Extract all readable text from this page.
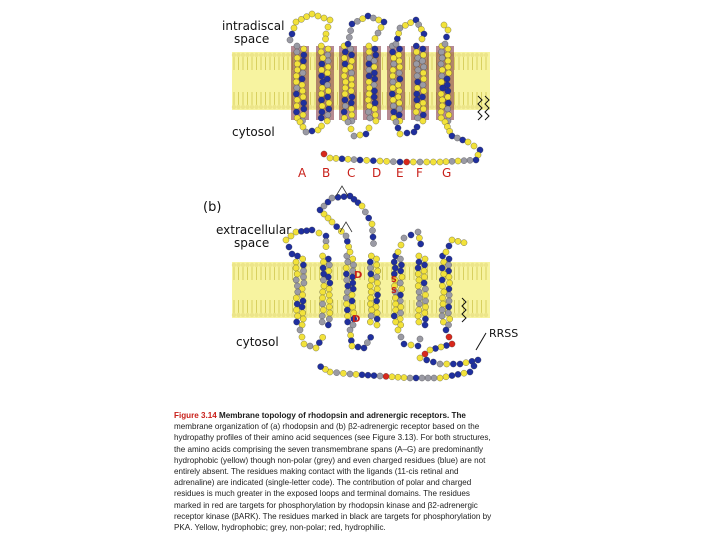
intradiscal
space
cytosol
A B C D E F G
(b)
extracellular
space
cytosol
RRSS
D
D
S
S
Figure 3.14 Membrane topology of rhodopsin and adrenergic receptors. The
membrane organization of (a) rhodopsin and (b) β2-adrenergic receptor based on the
hydropathy profiles of their amino acid sequences (see Figure 3.13). For both structures,
the amino acids comprising the seven transmembrane spans (A–G) are predominantly
hydrophobic (yellow) though non-polar (grey) and even charged residues (blue) are not
entirely absent. The residues making contact with the ligands (11-cis retinal and
adrenaline) are indicated (single-letter code). The contribution of polar and charged
residues is much greater in the exposed loops and terminal domains. The residues
marked in red are targets for phosphorylation by rhodopsin kinase and β2-adrenergic
receptor kinase (βARK). The residues marked in black are targets for phosphorylation by
PKA. Yellow, hydrophobic; grey, non-polar; red, hydrophilic.
